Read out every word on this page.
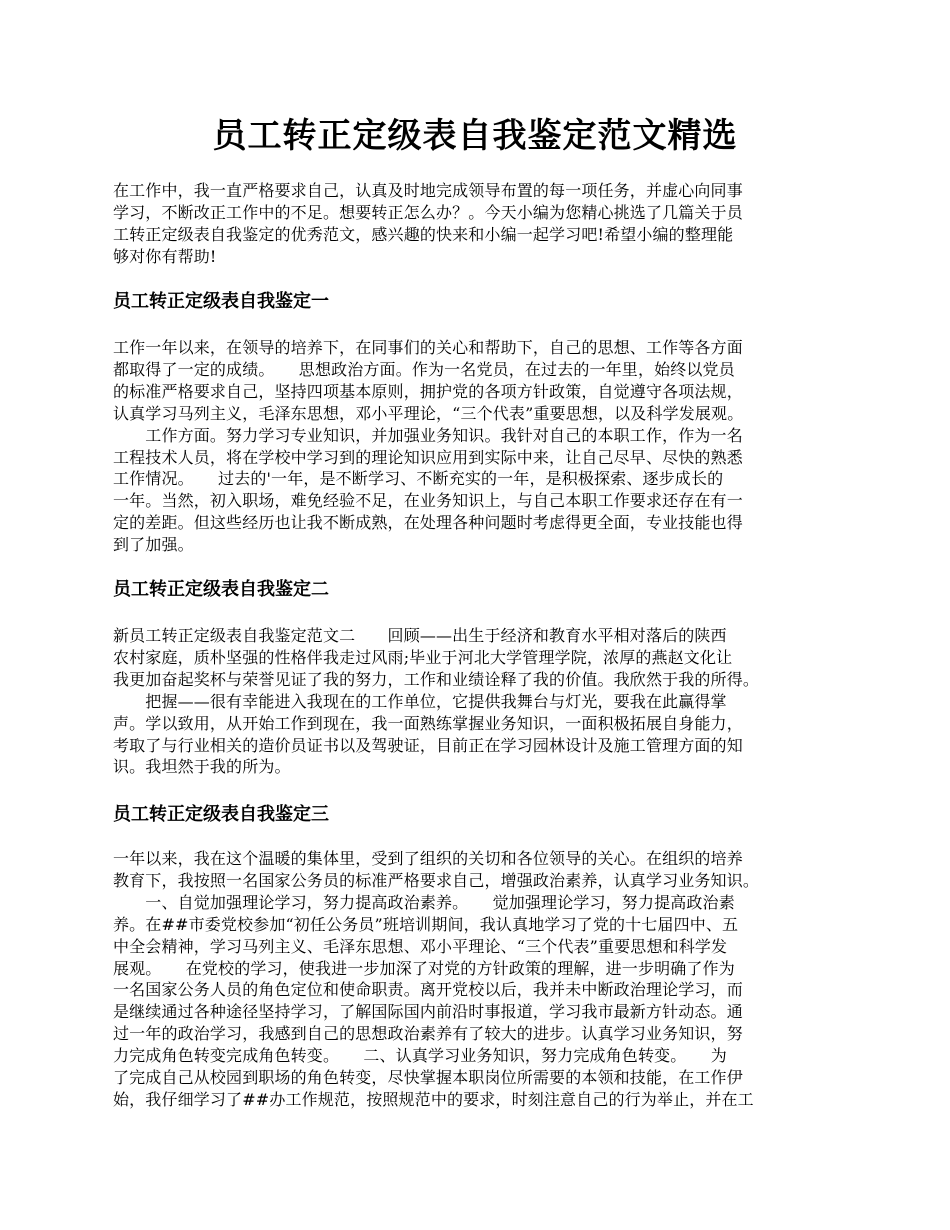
员工转正定级表自我鉴定范文精选
在工作中，我一直严格要求自己，认真及时地完成领导布置的每一项任务，并虚心向同事
学习，不断改正工作中的不足。想要转正怎么办？。今天小编为您精心挑选了几篇关于员
工转正定级表自我鉴定的优秀范文，感兴趣的快来和小编一起学习吧!希望小编的整理能
够对你有帮助!
员工转正定级表自我鉴定一
工作一年以来，在领导的培养下，在同事们的关心和帮助下，自己的思想、工作等各方面
都取得了一定的成绩。　　思想政治方面。作为一名党员，在过去的一年里，始终以党员
的标准严格要求自己，坚持四项基本原则，拥护党的各项方针政策，自觉遵守各项法规，
认真学习马列主义，毛泽东思想，邓小平理论，“三个代表”重要思想，以及科学发展观。
　　工作方面。努力学习专业知识，并加强业务知识。我针对自己的本职工作，作为一名
工程技术人员，将在学校中学习到的理论知识应用到实际中来，让自己尽早、尽快的熟悉
工作情况。　　过去的'一年，是不断学习、不断充实的一年，是积极探索、逐步成长的
一年。当然，初入职场，难免经验不足，在业务知识上，与自己本职工作要求还存在有一
定的差距。但这些经历也让我不断成熟，在处理各种问题时考虑得更全面，专业技能也得
到了加强。
员工转正定级表自我鉴定二
新员工转正定级表自我鉴定范文二　　回顾——出生于经济和教育水平相对落后的陕西
农村家庭，质朴坚强的性格伴我走过风雨;毕业于河北大学管理学院，浓厚的燕赵文化让
我更加奋起奖杯与荣誉见证了我的努力，工作和业绩诠释了我的价值。我欣然于我的所得。
　　把握——很有幸能进入我现在的工作单位，它提供我舞台与灯光，要我在此赢得掌
声。学以致用，从开始工作到现在，我一面熟练掌握业务知识，一面积极拓展自身能力，
考取了与行业相关的造价员证书以及驾驶证，目前正在学习园林设计及施工管理方面的知
识。我坦然于我的所为。
员工转正定级表自我鉴定三
一年以来，我在这个温暖的集体里，受到了组织的关切和各位领导的关心。在组织的培养
教育下，我按照一名国家公务员的标准严格要求自己，增强政治素养，认真学习业务知识。
　　一、自觉加强理论学习，努力提高政治素养。　　觉加强理论学习，努力提高政治素
养。在##市委党校参加“初任公务员”班培训期间，我认真地学习了党的十七届四中、五
中全会精神，学习马列主义、毛泽东思想、邓小平理论、“三个代表”重要思想和科学发
展观。　　在党校的学习，使我进一步加深了对党的方针政策的理解，进一步明确了作为
一名国家公务人员的角色定位和使命职责。离开党校以后，我并未中断政治理论学习，而
是继续通过各种途径坚持学习，了解国际国内前沿时事报道，学习我市最新方针动态。通
过一年的政治学习，我感到自己的思想政治素养有了较大的进步。认真学习业务知识，努
力完成角色转变完成角色转变。　　二、认真学习业务知识，努力完成角色转变。　　为
了完成自己从校园到职场的角色转变，尽快掌握本职岗位所需要的本领和技能，在工作伊
始，我仔细学习了##办工作规范，按照规范中的要求，时刻注意自己的行为举止，并在工
